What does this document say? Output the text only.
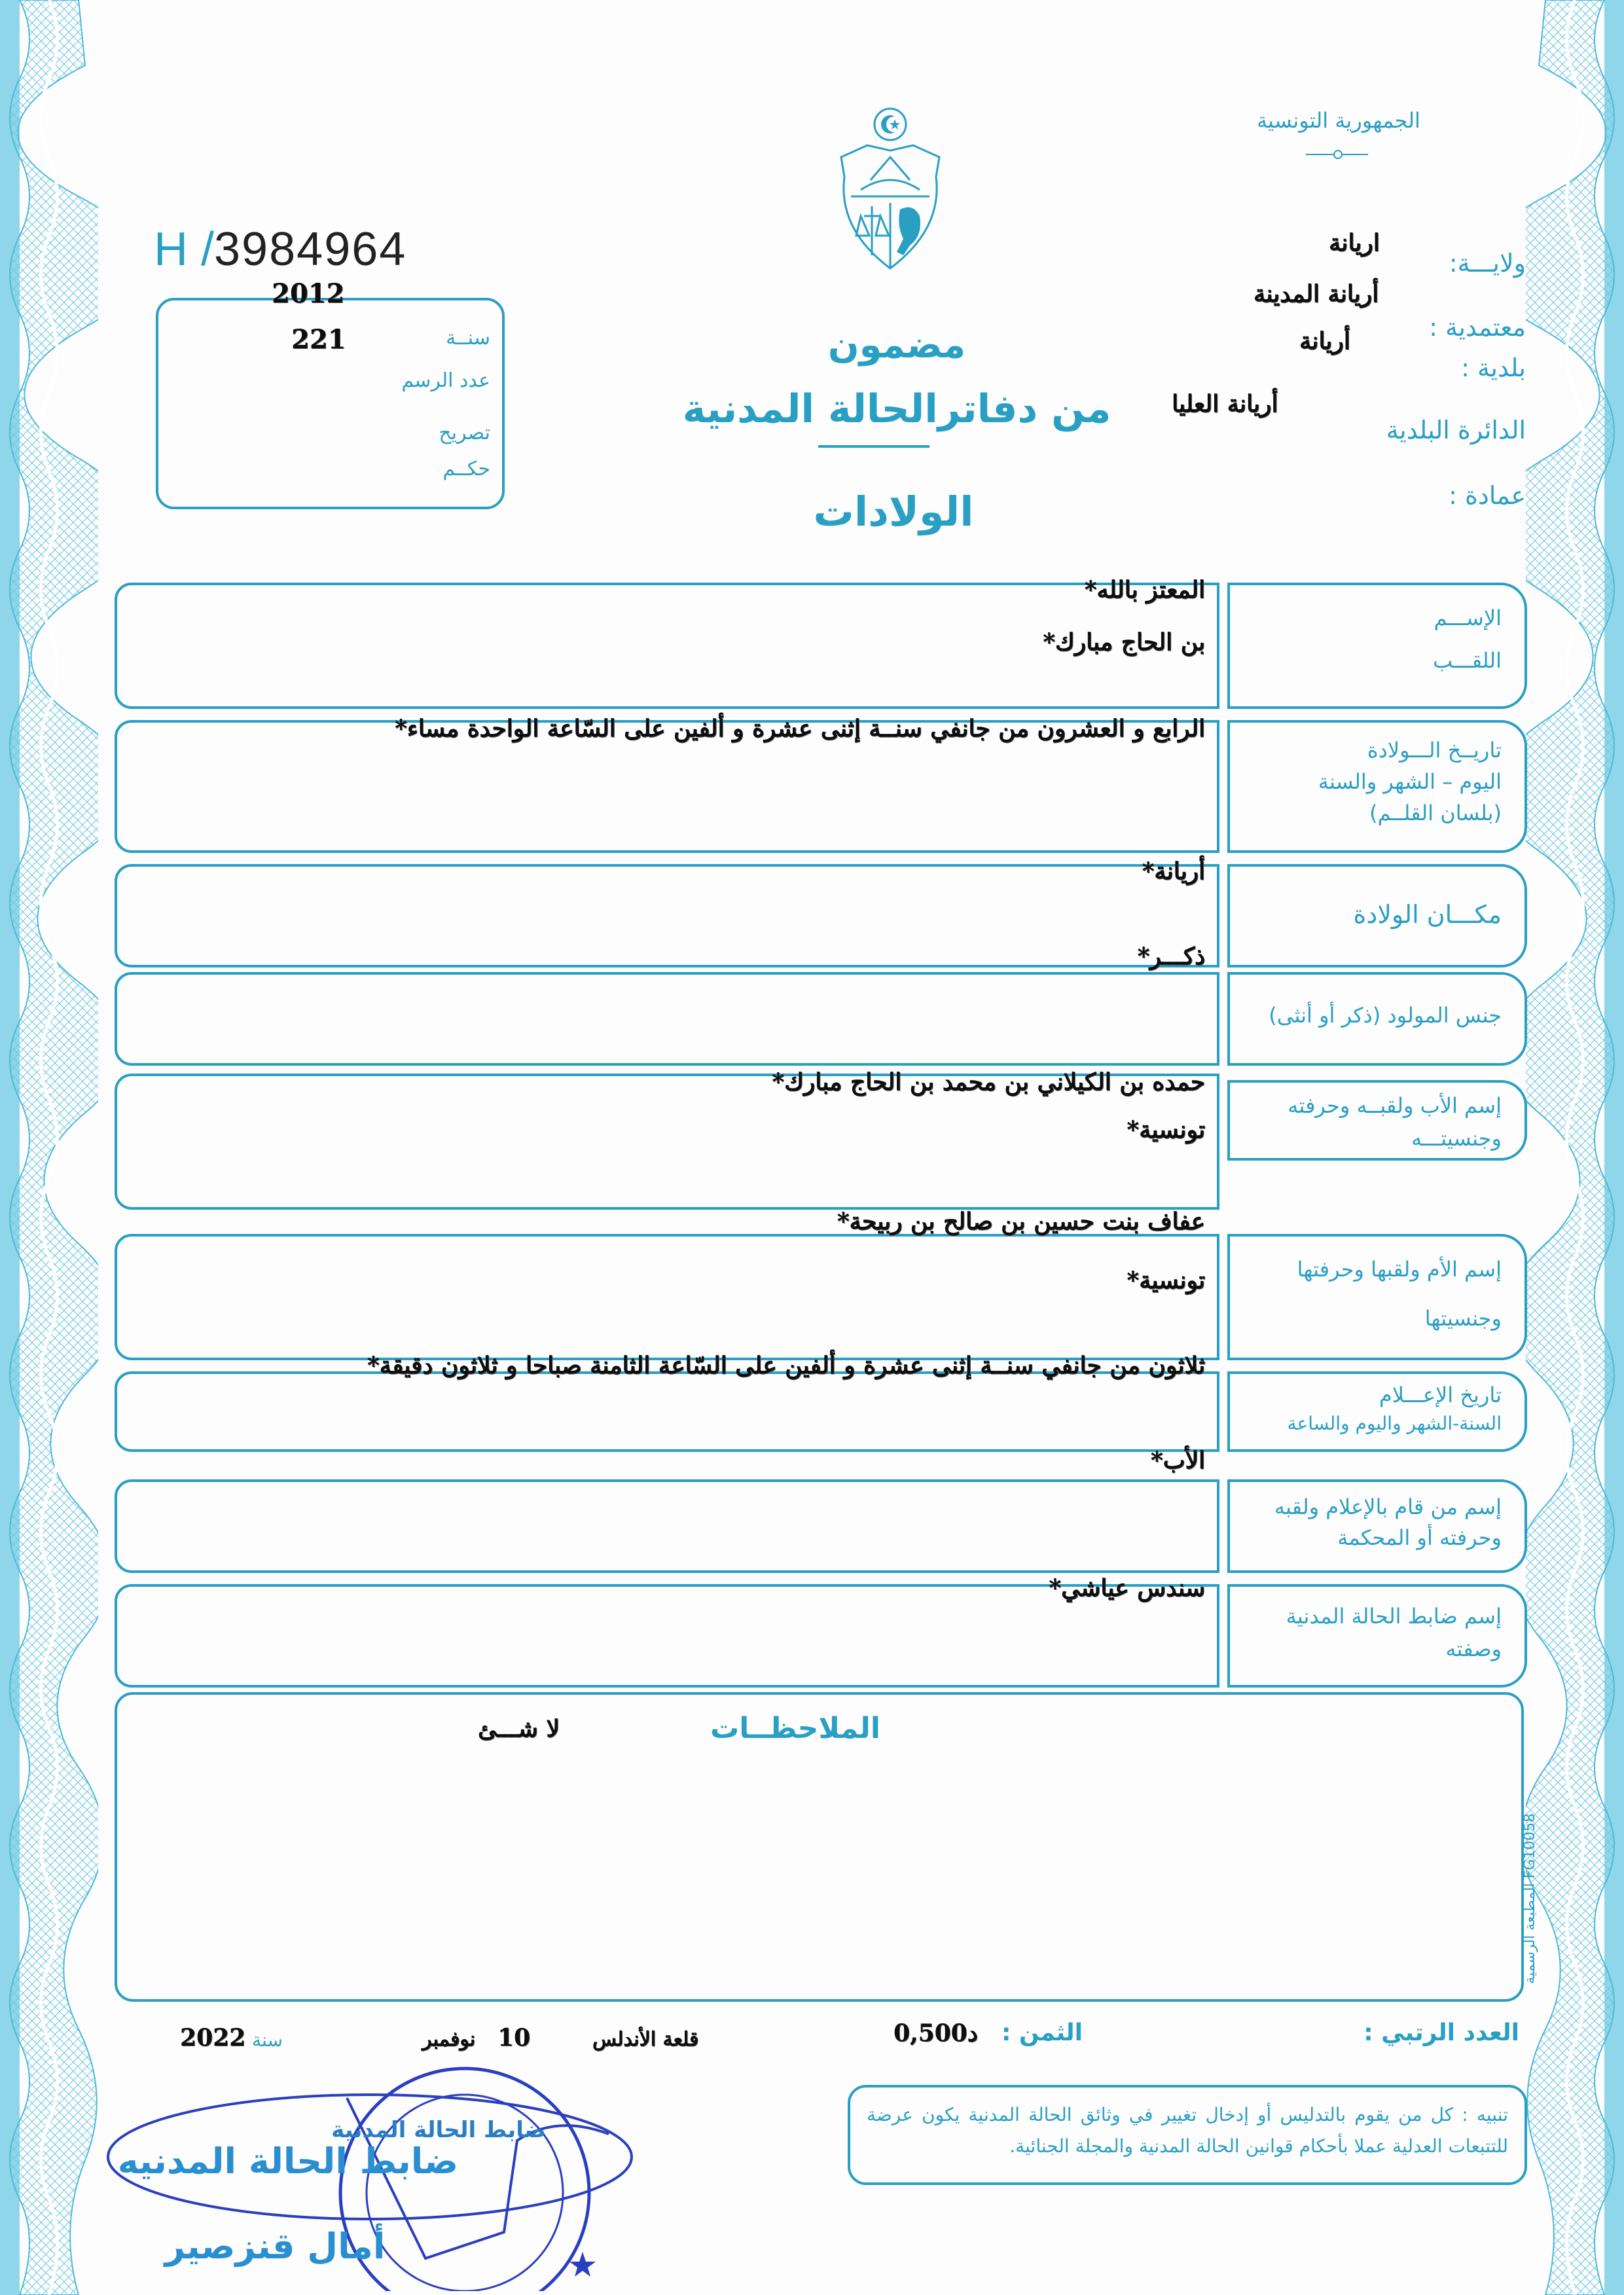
الجمهورية التونسية
ولايـــة:
اريانة
معتمدية :
أريانة المدينة
بلدية :
أريانة
الدائرة البلدية
أريانة العليا
عمادة :
H /3984964
سنــة
عدد الرسم
تصريح
حكــم
2012
221	مضمون
من دفاترالحالة المدنية
الولادات
الإســـم
اللقـــب
المعتز بالله*
بن الحاج مبارك*
تاريــخ الـــولادة
اليوم – الشهر والسنة
(بلسان القلــم)
الرابع و العشرون من جانفي سنــة إثنى عشرة و ألفين على السّاعة الواحدة مساء*
مكـــان الولادة
أريانة*
جنس المولود (ذكر أو أنثى)
ذكـــر*
إسم الأب ولقبــه وحرفته
وجنسيتـــه
حمده بن الكيلاني بن محمد بن الحاج مبارك*
تونسية*
إسم الأم ولقبها وحرفتها
وجنسيتها
عفاف بنت حسين بن صالح بن ربيحة*
تونسية*
تاريخ الإعـــلام
السنة-الشهر واليوم والساعة
ثلاثون من جانفي سنــة إثنى عشرة و ألفين على السّاعة الثامنة صباحا و ثلاثون دقيقة*
إسم من قام بالإعلام ولقبه
وحرفته أو المحكمة
الأب*
إسم ضابط الحالة المدنية
وصفته
سندس عياشي*
الملاحظــات
لا شـــئ
المطبعة الرسمية FG10058
العدد الرتبي :
الثمن :
0,500د
قلعة الأندلس
10
نوفمبر
سنة
2022
تنبيه : كل من يقوم بالتدليس أو إدخال تغيير في وثائق الحالة المدنية يكون عرضة للتتبعات العدلية عملا بأحكام قوانين الحالة المدنية والمجلة الجنائية.
ضابط الحالة المدنية
ضابط الحالة المدنيه
أمال قنزصير
